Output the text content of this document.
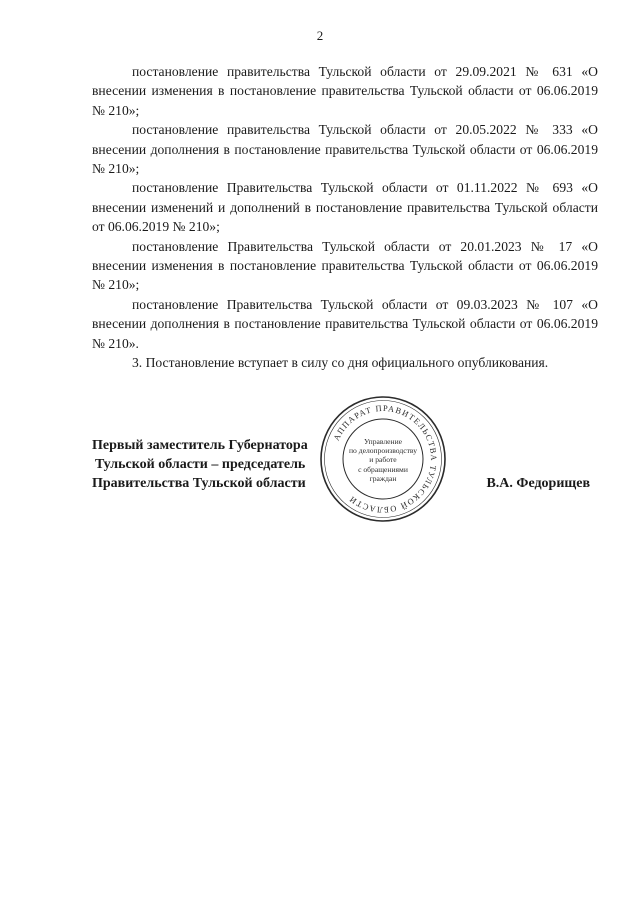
2

постановление правительства Тульской области от 29.09.2021 № 631 «О внесении изменения в постановление правительства Тульской области от 06.06.2019 № 210»;

постановление правительства Тульской области от 20.05.2022 № 333 «О внесении дополнения в постановление правительства Тульской области от 06.06.2019 № 210»;

постановление Правительства Тульской области от 01.11.2022 № 693 «О внесении изменений и дополнений в постановление правительства Тульской области от 06.06.2019 № 210»;

постановление Правительства Тульской области от 20.01.2023 № 17 «О внесении изменения в постановление правительства Тульской области от 06.06.2019 № 210»;

постановление Правительства Тульской области от 09.03.2023 № 107 «О внесении дополнения в постановление правительства Тульской области от 06.06.2019 № 210».

3. Постановление вступает в силу со дня официального опубликования.

Первый заместитель Губернатора
Тульской области – председатель
Правительства Тульской области	В.А. Федорищев
АППАРАТ ПРАВИТЕЛЬСТВА ТУЛЬСКОЙ ОБЛАСТИ
Управление
по делопроизводству
и работе
с обращениями
граждан
